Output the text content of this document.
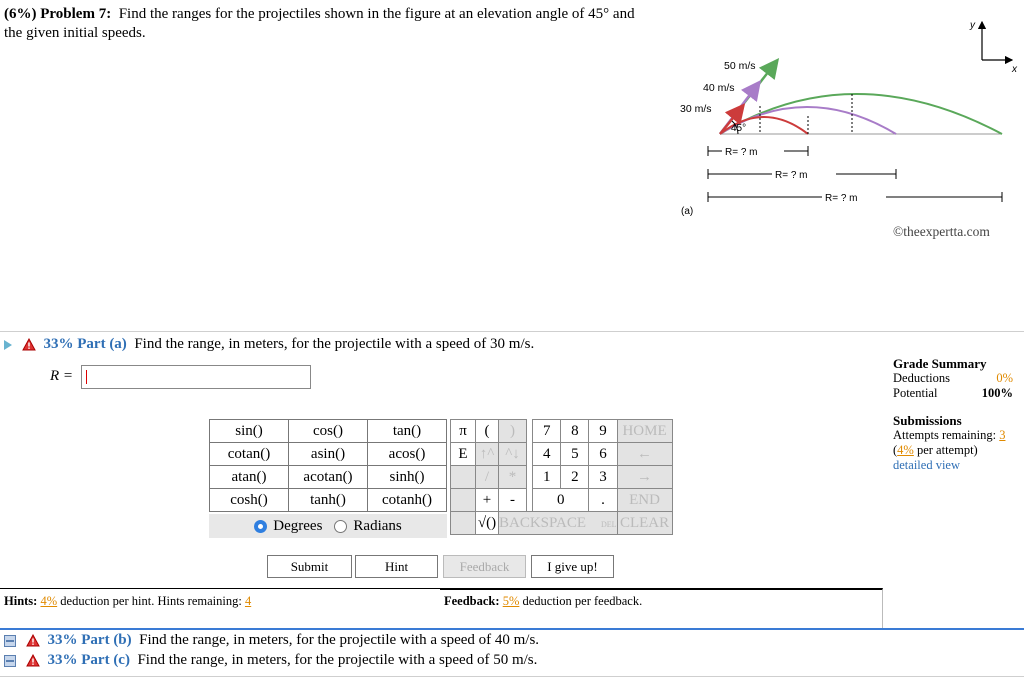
(6%) Problem 7: Find the ranges for the projectiles shown in the figure at an elevation angle of 45° and the given initial speeds.	y
x
45°
50 m/s
40 m/s
30 m/s
R= ? m
R= ? m
R= ? m
(a)
©theexpertta.com
33% Part (a) Find the range, in meters, for the projectile with a speed of 30 m/s.
R =
Grade Summary
Deductions	0%
Potential	100%
Submissions
Attempts remaining: 3
(4% per attempt)
detailed view
sin()	cos()	tan()
cotan()	asin()	acos()
atan()	acotan()	sinh()
cosh()	tanh()	cotanh()
Degrees Radians
π	(	)		7	8	9	HOME
E	↑^	^↓		4	5	6	←
	/	*		1	2	3	→
	+	-		0		.	END
	√()	BACKSPACE DEL					CLEAR
Submit	Hint	Feedback	I give up!
Hints: 4% deduction per hint. Hints remaining: 4	Feedback: 5% deduction per feedback.
33% Part (b) Find the range, in meters, for the projectile with a speed of 40 m/s.
33% Part (c) Find the range, in meters, for the projectile with a speed of 50 m/s.
